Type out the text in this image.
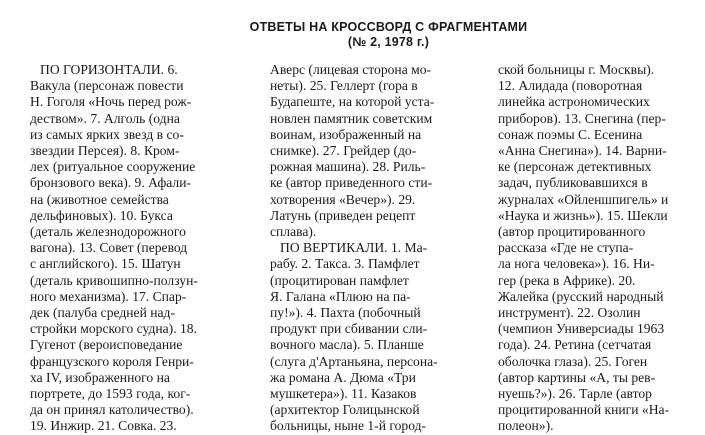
ОТВЕТЫ НА КРОССВОРД С ФРАГМЕНТАМИ
(№ 2, 1978 г.)
ПО ГОРИЗОНТАЛИ. 6.
Вакула (персонаж повести
Н. Гоголя «Ночь перед рож-
деством». 7. Алголь (одна
из самых ярких звезд в со-
звездии Персея). 8. Кром-
лех (ритуальное сооружение
бронзового века). 9. Афали-
на (животное семейства
дельфиновых). 10. Букса
(деталь железнодорожного
вагона). 13. Совет (перевод
с английского). 15. Шатун
(деталь кривошипно-ползун-
ного механизма). 17. Спар-
дек (палуба средней над-
стройки морского судна). 18.
Гугенот (вероисповедание
французского короля Генри-
ха IV, изображенного на
портрете, до 1593 года, ког-
да он принял католичество).
19. Инжир. 21. Совка. 23.
Аверс (лицевая сторона мо-
неты). 25. Геллерт (гора в
Будапеште, на которой уста-
новлен памятник советским
воинам, изображенный на
снимке). 27. Грейдер (до-
рожная машина). 28. Риль-
ке (автор приведенного сти-
хотворения «Вечер»). 29.
Латунь (приведен рецепт
сплава).
ПО ВЕРТИКАЛИ. 1. Ма-
рабу. 2. Такса. 3. Памфлет
(процитирован памфлет
Я. Галана «Плюю на па-
пу!»). 4. Пахта (побочный
продукт при сбивании сли-
вочного масла). 5. Планше
(слуга д'Артаньяна, персона-
жа романа А. Дюма «Три
мушкетера»). 11. Казаков
(архитектор Голицынской
больницы, ныне 1-й город-
ской больницы г. Москвы).
12. Алидада (поворотная
линейка астрономических
приборов). 13. Снегина (пер-
сонаж поэмы С. Есенина
«Анна Снегина»). 14. Варни-
ке (персонаж детективных
задач, публиковавшихся в
журналах «Ойленшпигель» и
«Наука и жизнь»). 15. Шекли
(автор процитированного
рассказа «Где не ступа-
ла нога человека»). 16. Ни-
гер (река в Африке). 20.
Жалейка (русский народный
инструмент). 22. Озолин
(чемпион Универсиады 1963
года). 24. Ретина (сетчатая
оболочка глаза). 25. Гоген
(автор картины «А, ты рев-
нуешь?»). 26. Тарле (автор
процитированной книги «На-
полеон»).
